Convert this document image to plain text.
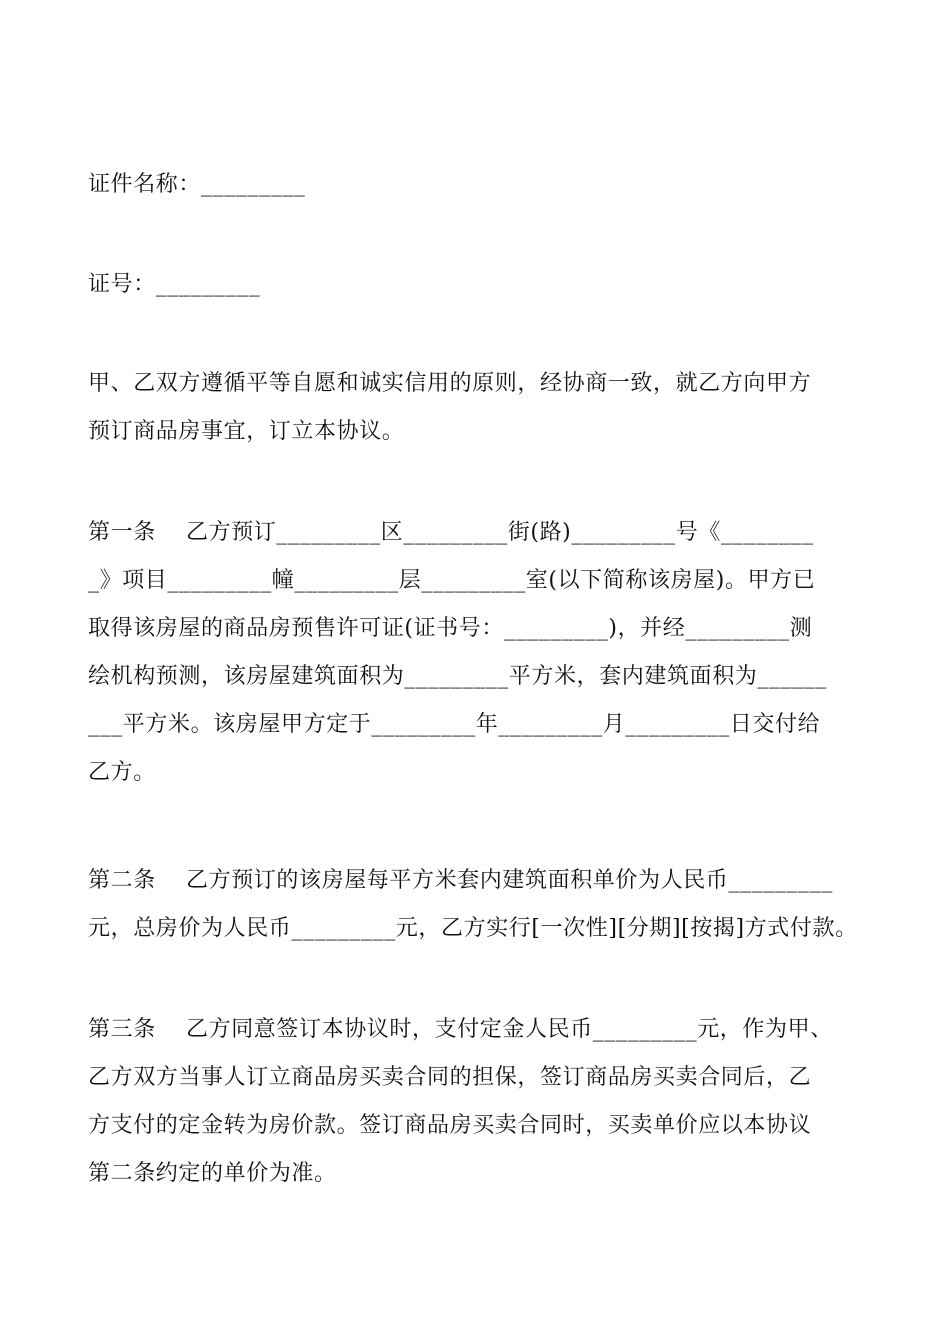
证件名称：_________

证号：_________

甲、乙双方遵循平等自愿和诚实信用的原则，经协商一致，就乙方向甲方
预订商品房事宜，订立本协议。

第一条　 乙方预订_________区_________街(路)_________号《________
_》项目_________幢_________层_________室(以下简称该房屋)。甲方已
取得该房屋的商品房预售许可证(证书号：_________)，并经_________测
绘机构预测，该房屋建筑面积为_________平方米，套内建筑面积为______
___平方米。该房屋甲方定于_________年_________月_________日交付给
乙方。

第二条　 乙方预订的该房屋每平方米套内建筑面积单价为人民币_________
元，总房价为人民币_________元，乙方实行[一次性][分期][按揭]方式付款。

第三条　 乙方同意签订本协议时，支付定金人民币_________元，作为甲、
乙方双方当事人订立商品房买卖合同的担保，签订商品房买卖合同后，乙
方支付的定金转为房价款。签订商品房买卖合同时，买卖单价应以本协议
第二条约定的单价为准。
